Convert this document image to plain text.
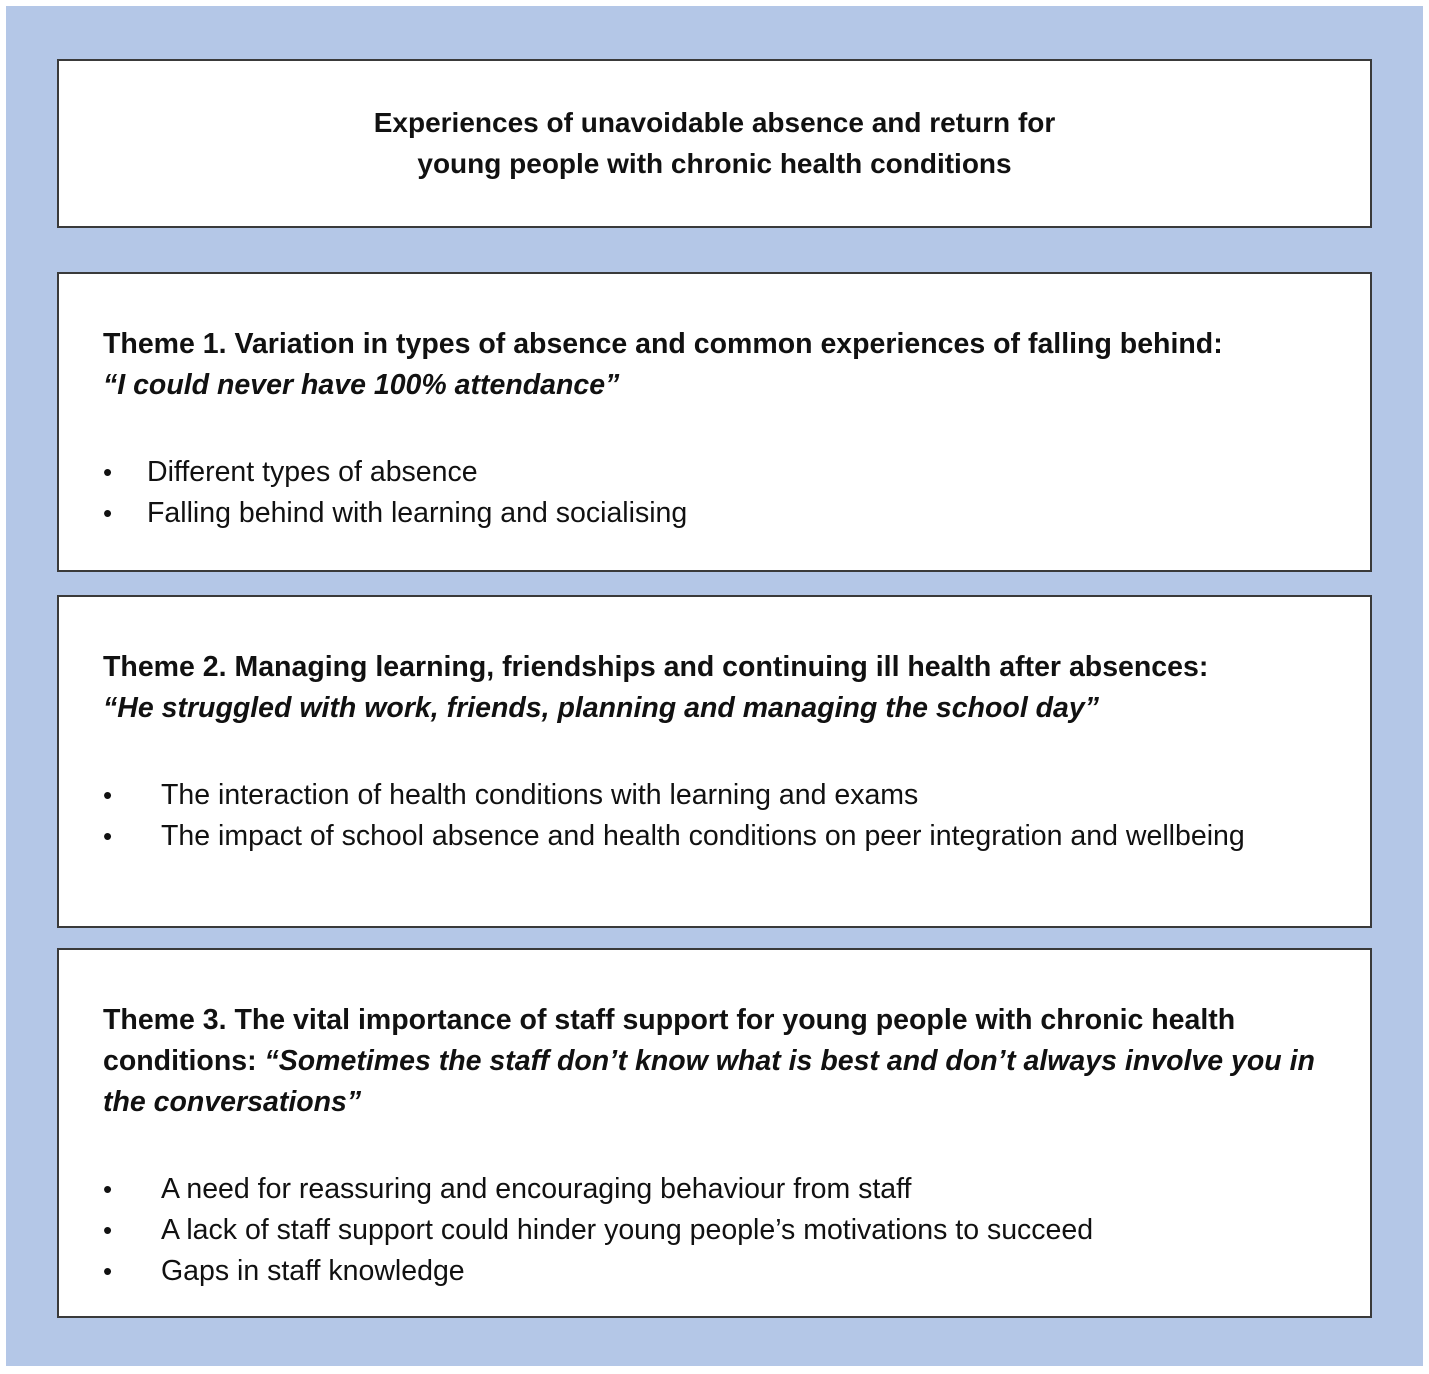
Experiences of unavoidable absence and return for
young people with chronic health conditions
Theme 1. Variation in types of absence and common experiences of falling behind:
“I could never have 100% attendance”
• Different types of absence
• Falling behind with learning and socialising
Theme 2. Managing learning, friendships and continuing ill health after absences:
“He struggled with work, friends, planning and managing the school day”
• The interaction of health conditions with learning and exams
• The impact of school absence and health conditions on peer integration and wellbeing
Theme 3. The vital importance of staff support for young people with chronic health conditions: “Sometimes the staff don’t know what is best and don’t always involve you in the conversations”
• A need for reassuring and encouraging behaviour from staff
• A lack of staff support could hinder young people’s motivations to succeed
• Gaps in staff knowledge
